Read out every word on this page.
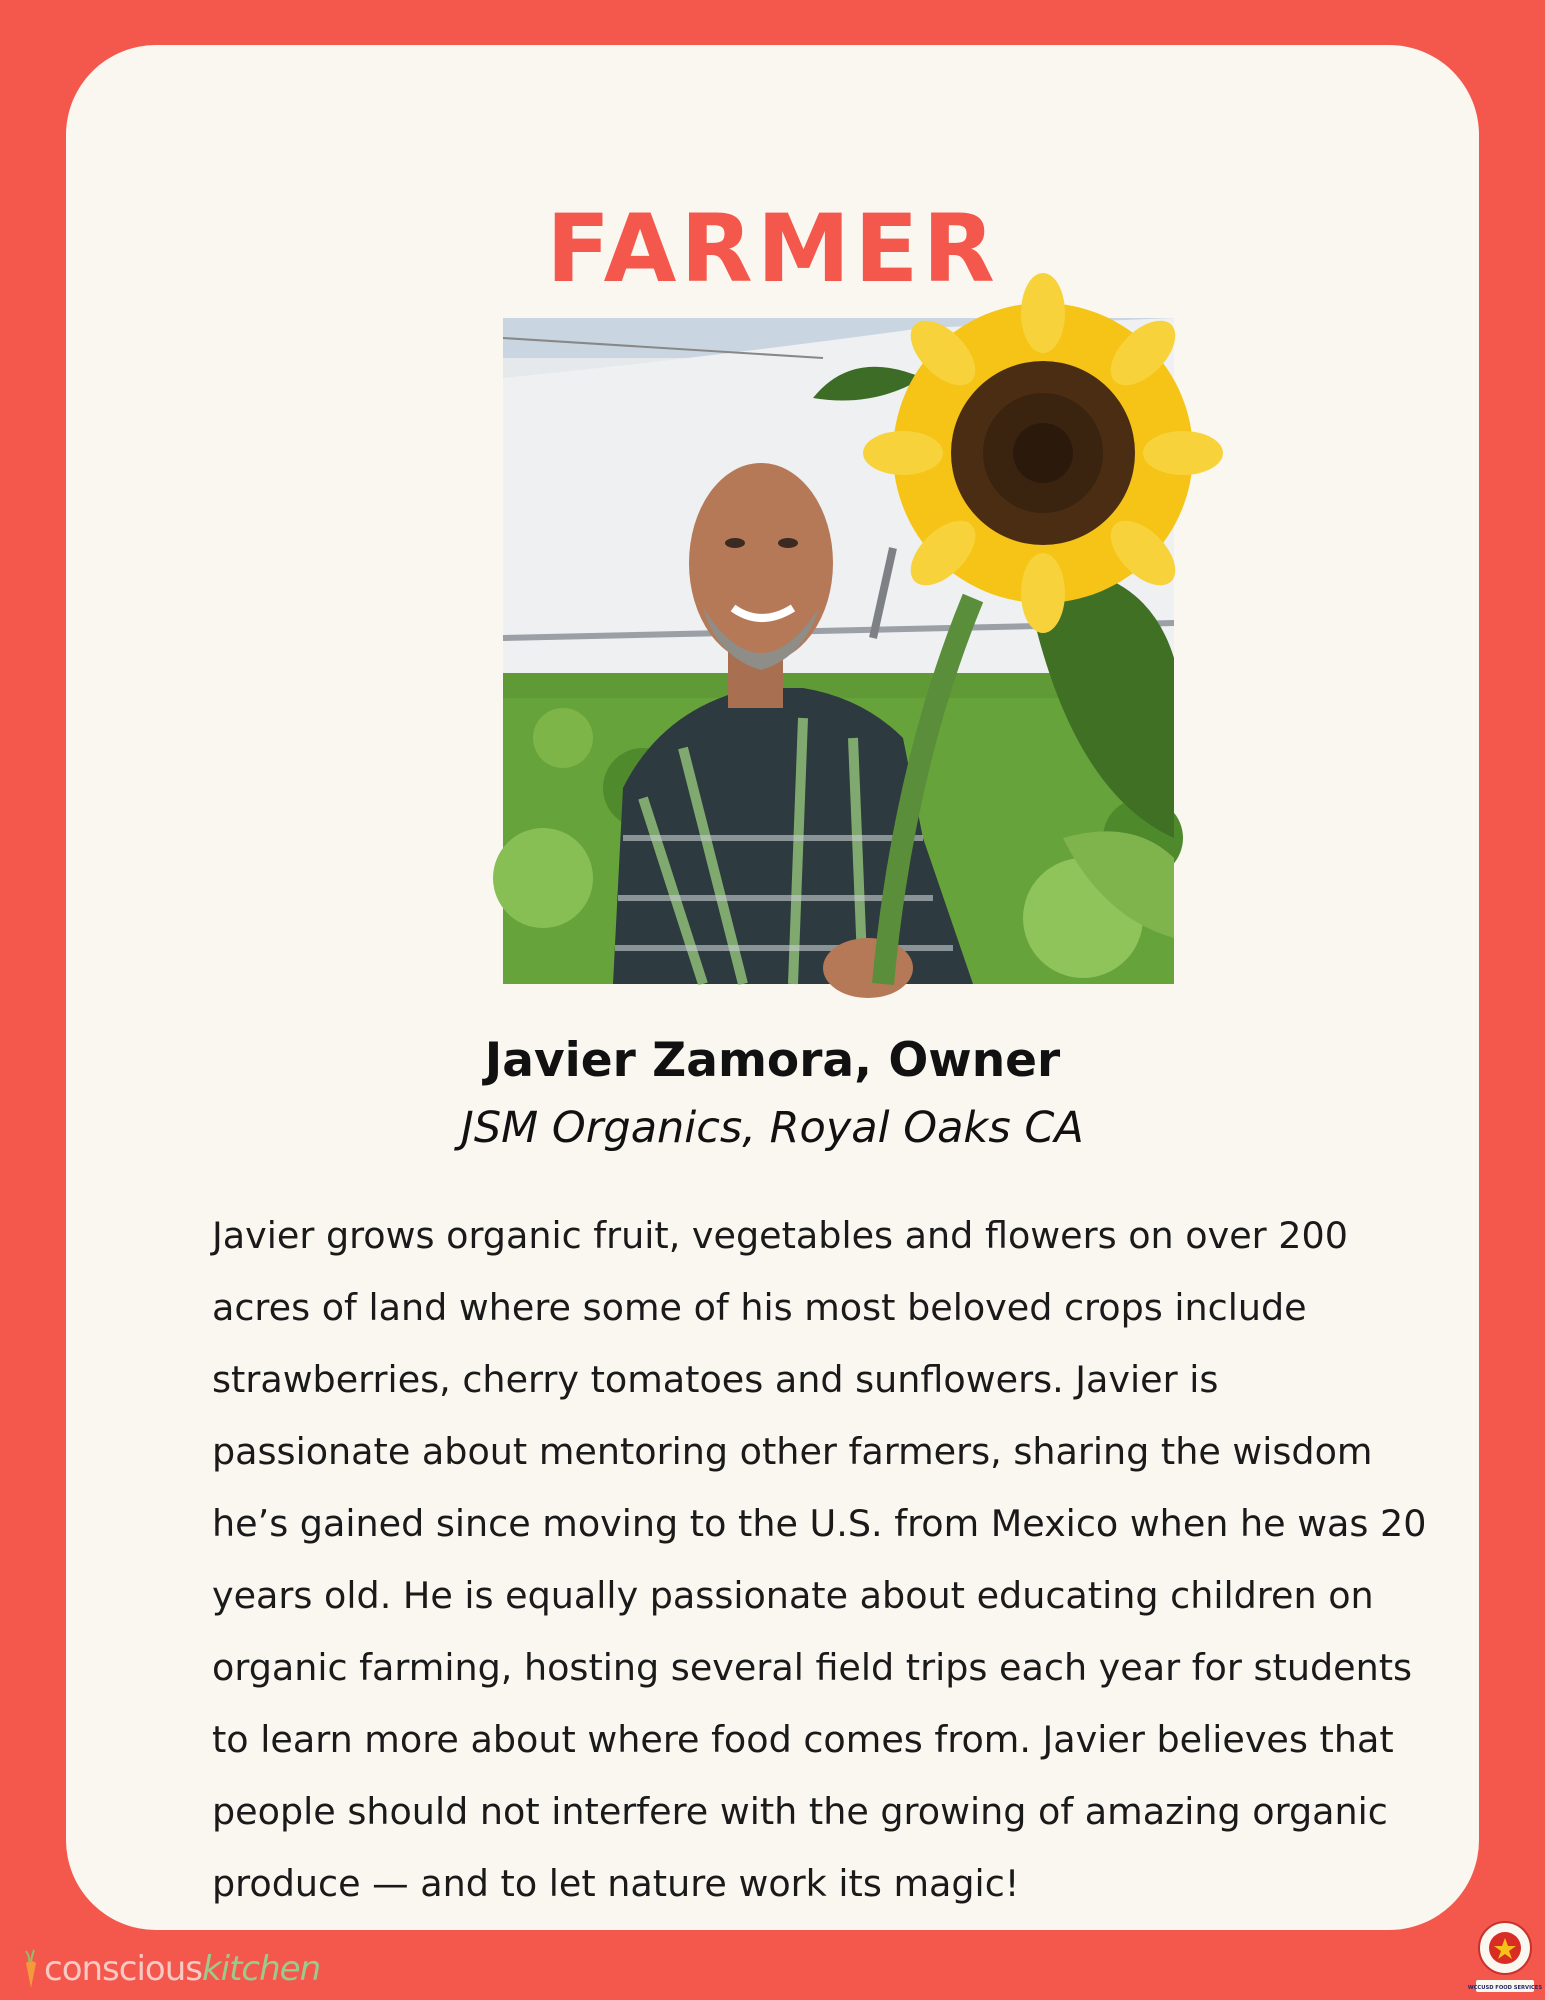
FARMER
Javier Zamora, Owner
JSM Organics, Royal Oaks CA
Javier grows organic fruit, vegetables and flowers on over 200
acres of land where some of his most beloved crops include
strawberries, cherry tomatoes and sunflowers. Javier is
passionate about mentoring other farmers, sharing the wisdom
he’s gained since moving to the U.S. from Mexico when he was 20
years old. He is equally passionate about educating children on
organic farming, hosting several field trips each year for students
to learn more about where food comes from. Javier believes that
people should not interfere with the growing of amazing organic
produce — and to let nature work its magic!
consciouskitchen	WCCUSD FOOD SERVICES
